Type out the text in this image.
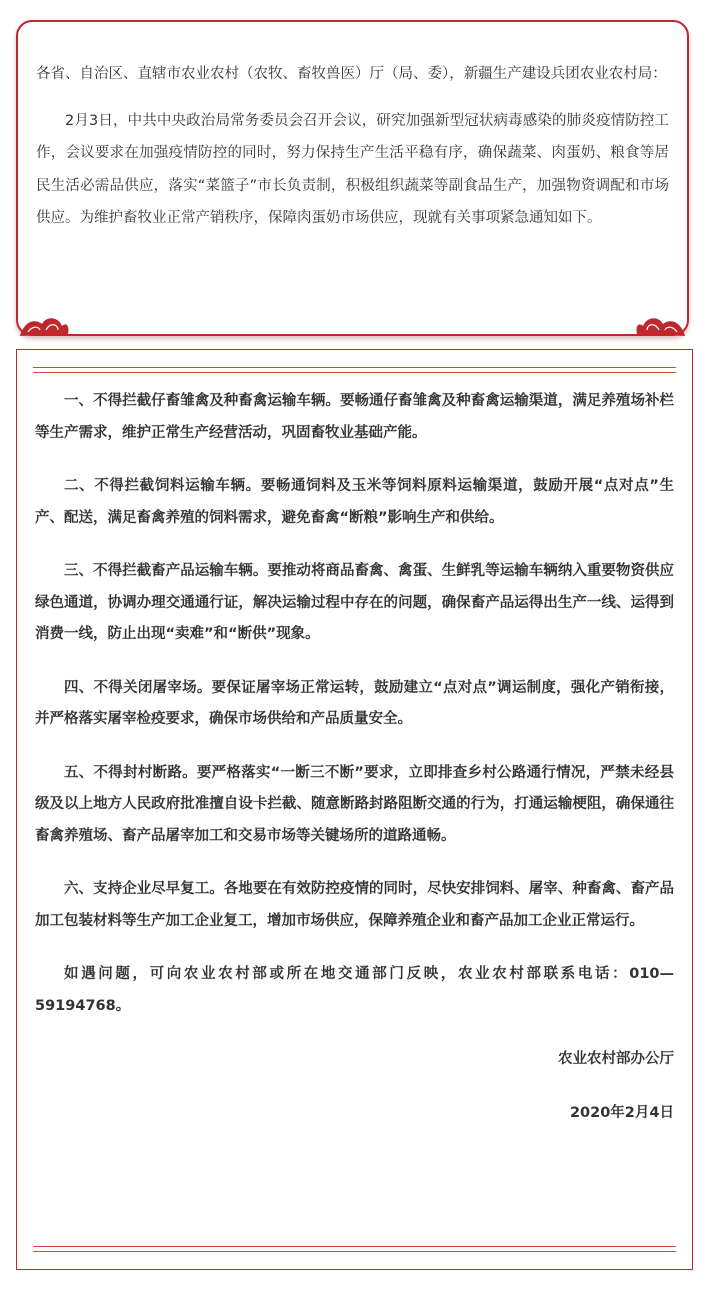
各省、自治区、直辖市农业农村（农牧、畜牧兽医）厅（局、委），新疆生产建设兵团农业农村局：

2月3日，中共中央政治局常务委员会召开会议，研究加强新型冠状病毒感染的肺炎疫情防控工作，会议要求在加强疫情防控的同时，努力保持生产生活平稳有序，确保蔬菜、肉蛋奶、粮食等居民生活必需品供应，落实“菜篮子”市长负责制，积极组织蔬菜等副食品生产，加强物资调配和市场供应。为维护畜牧业正常产销秩序，保障肉蛋奶市场供应，现就有关事项紧急通知如下。

一、不得拦截仔畜雏禽及种畜禽运输车辆。要畅通仔畜雏禽及种畜禽运输渠道，满足养殖场补栏等生产需求，维护正常生产经营活动，巩固畜牧业基础产能。

二、不得拦截饲料运输车辆。要畅通饲料及玉米等饲料原料运输渠道，鼓励开展“点对点”生产、配送，满足畜禽养殖的饲料需求，避免畜禽“断粮”影响生产和供给。

三、不得拦截畜产品运输车辆。要推动将商品畜禽、禽蛋、生鲜乳等运输车辆纳入重要物资供应绿色通道，协调办理交通通行证，解决运输过程中存在的问题，确保畜产品运得出生产一线、运得到消费一线，防止出现“卖难”和“断供”现象。

四、不得关闭屠宰场。要保证屠宰场正常运转，鼓励建立“点对点”调运制度，强化产销衔接，并严格落实屠宰检疫要求，确保市场供给和产品质量安全。

五、不得封村断路。要严格落实“一断三不断”要求，立即排查乡村公路通行情况，严禁未经县级及以上地方人民政府批准擅自设卡拦截、随意断路封路阻断交通的行为，打通运输梗阻，确保通往畜禽养殖场、畜产品屠宰加工和交易市场等关键场所的道路通畅。

六、支持企业尽早复工。各地要在有效防控疫情的同时，尽快安排饲料、屠宰、种畜禽、畜产品加工包装材料等生产加工企业复工，增加市场供应，保障养殖企业和畜产品加工企业正常运行。

如遇问题，可向农业农村部或所在地交通部门反映，农业农村部联系电话：010—59194768。

农业农村部办公厅

2020年2月4日
